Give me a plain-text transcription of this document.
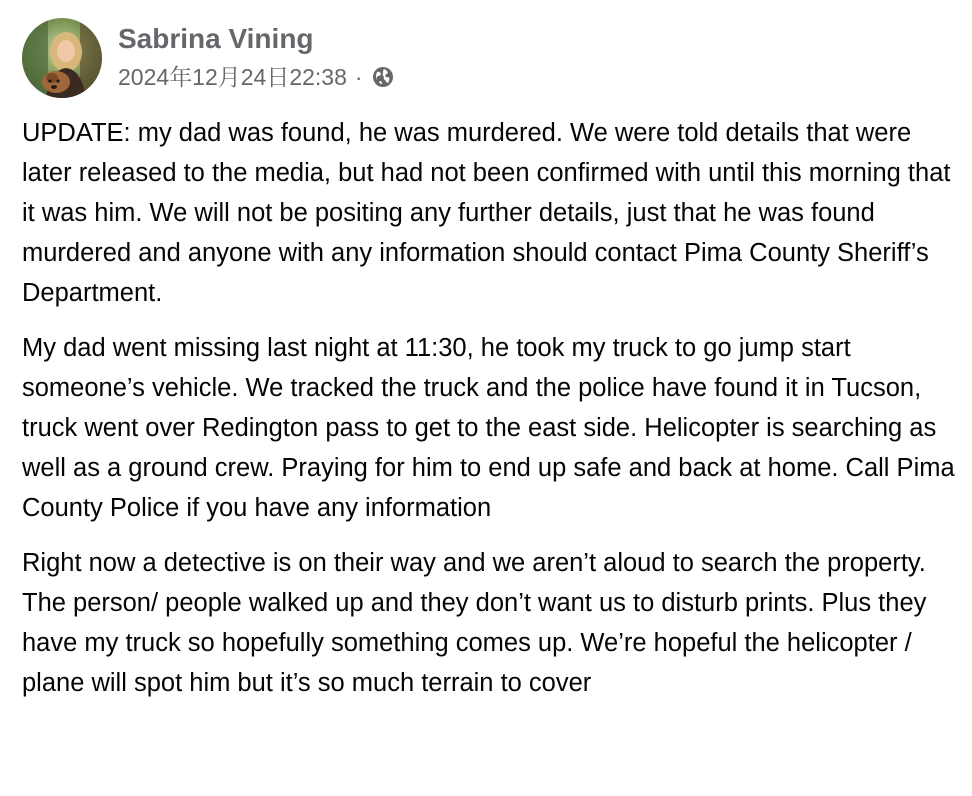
Sabrina Vining
2024年12月24日22:38 ·

UPDATE: my dad was found, he was murdered. We were told details that were later released to the media, but had not been confirmed with until this morning that it was him. We will not be positing any further details, just that he was found murdered and anyone with any information should contact Pima County Sheriff’s Department.

My dad went missing last night at 11:30, he took my truck to go jump start someone’s vehicle. We tracked the truck and the police have found it in Tucson, truck went over Redington pass to get to the east side. Helicopter is searching as well as a ground crew. Praying for him to end up safe and back at home. Call Pima County Police if you have any information

Right now a detective is on their way and we aren’t aloud to search the property. The person/ people walked up and they don’t want us to disturb prints. Plus they have my truck so hopefully something comes up. We’re hopeful the helicopter / plane will spot him but it’s so much terrain to cover
